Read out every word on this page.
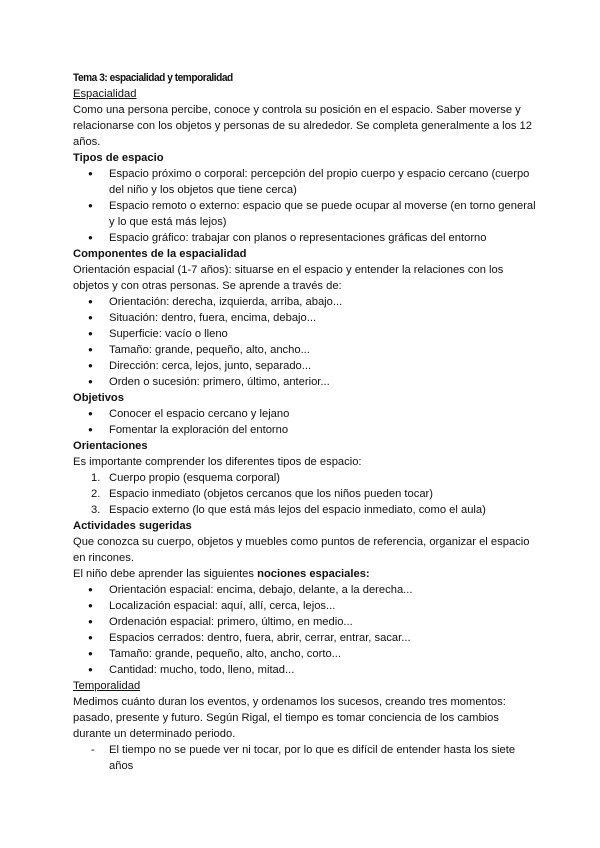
Tema 3: espacialidad y temporalidad

Espacialidad

Como una persona percibe, conoce y controla su posición en el espacio. Saber moverse y relacionarse con los objetos y personas de su alrededor. Se completa generalmente a los 12 años.

Tipos de espacio

● Espacio próximo o corporal: percepción del propio cuerpo y espacio cercano (cuerpo del niño y los objetos que tiene cerca)
● Espacio remoto o externo: espacio que se puede ocupar al moverse (en torno general y lo que está más lejos)
● Espacio gráfico: trabajar con planos o representaciones gráficas del entorno

Componentes de la espacialidad

Orientación espacial (1-7 años): situarse en el espacio y entender la relaciones con los objetos y con otras personas. Se aprende a través de:

● Orientación: derecha, izquierda, arriba, abajo...
● Situación: dentro, fuera, encima, debajo...
● Superficie: vacío o lleno
● Tamaño: grande, pequeño, alto, ancho...
● Dirección: cerca, lejos, junto, separado...
● Orden o sucesión: primero, último, anterior...

Objetivos

● Conocer el espacio cercano y lejano
● Fomentar la exploración del entorno

Orientaciones

Es importante comprender los diferentes tipos de espacio:

1. Cuerpo propio (esquema corporal)
2. Espacio inmediato (objetos cercanos que los niños pueden tocar)
3. Espacio externo (lo que está más lejos del espacio inmediato, como el aula)

Actividades sugeridas

Que conozca su cuerpo, objetos y muebles como puntos de referencia, organizar el espacio en rincones.

El niño debe aprender las siguientes nociones espaciales:

● Orientación espacial: encima, debajo, delante, a la derecha...
● Localización espacial: aquí, allí, cerca, lejos...
● Ordenación espacial: primero, último, en medio...
● Espacios cerrados: dentro, fuera, abrir, cerrar, entrar, sacar...
● Tamaño: grande, pequeño, alto, ancho, corto...
● Cantidad: mucho, todo, lleno, mitad...

Temporalidad

Medimos cuánto duran los eventos, y ordenamos los sucesos, creando tres momentos: pasado, presente y futuro. Según Rigal, el tiempo es tomar conciencia de los cambios durante un determinado periodo.

- El tiempo no se puede ver ni tocar, por lo que es difícil de entender hasta los siete años
